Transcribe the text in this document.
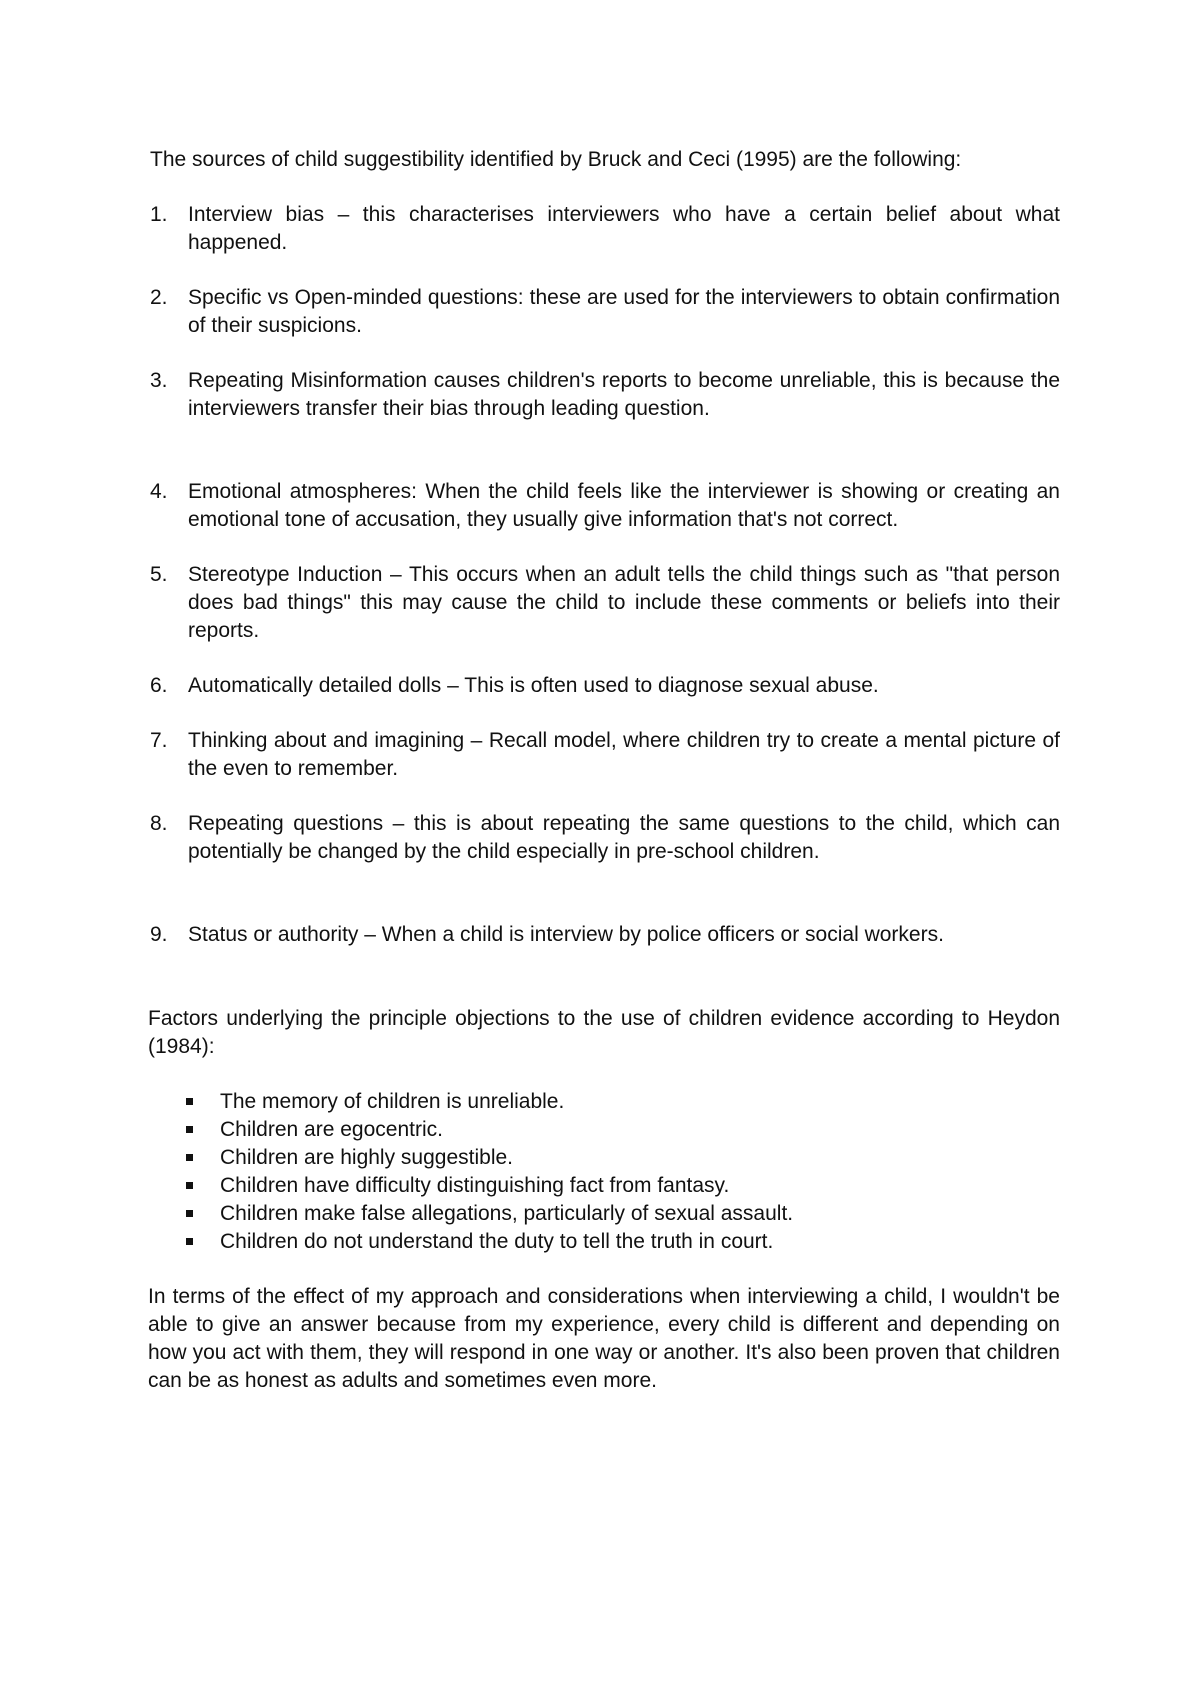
The sources of child suggestibility identified by Bruck and Ceci (1995) are the following:

1. Interview bias – this characterises interviewers who have a certain belief about what happened.
2. Specific vs Open-minded questions: these are used for the interviewers to obtain confirmation of their suspicions.
3. Repeating Misinformation causes children's reports to become unreliable, this is because the interviewers transfer their bias through leading question.
4. Emotional atmospheres: When the child feels like the interviewer is showing or creating an emotional tone of accusation, they usually give information that's not correct.
5. Stereotype Induction – This occurs when an adult tells the child things such as "that person does bad things" this may cause the child to include these comments or beliefs into their reports.
6. Automatically detailed dolls – This is often used to diagnose sexual abuse.
7. Thinking about and imagining – Recall model, where children try to create a mental picture of the even to remember.
8. Repeating questions – this is about repeating the same questions to the child, which can potentially be changed by the child especially in pre-school children.
9. Status or authority – When a child is interview by police officers or social workers.

Factors underlying the principle objections to the use of children evidence according to Heydon (1984):

The memory of children is unreliable.
Children are egocentric.
Children are highly suggestible.
Children have difficulty distinguishing fact from fantasy.
Children make false allegations, particularly of sexual assault.
Children do not understand the duty to tell the truth in court.

In terms of the effect of my approach and considerations when interviewing a child, I wouldn't be able to give an answer because from my experience, every child is different and depending on how you act with them, they will respond in one way or another. It's also been proven that children can be as honest as adults and sometimes even more.
